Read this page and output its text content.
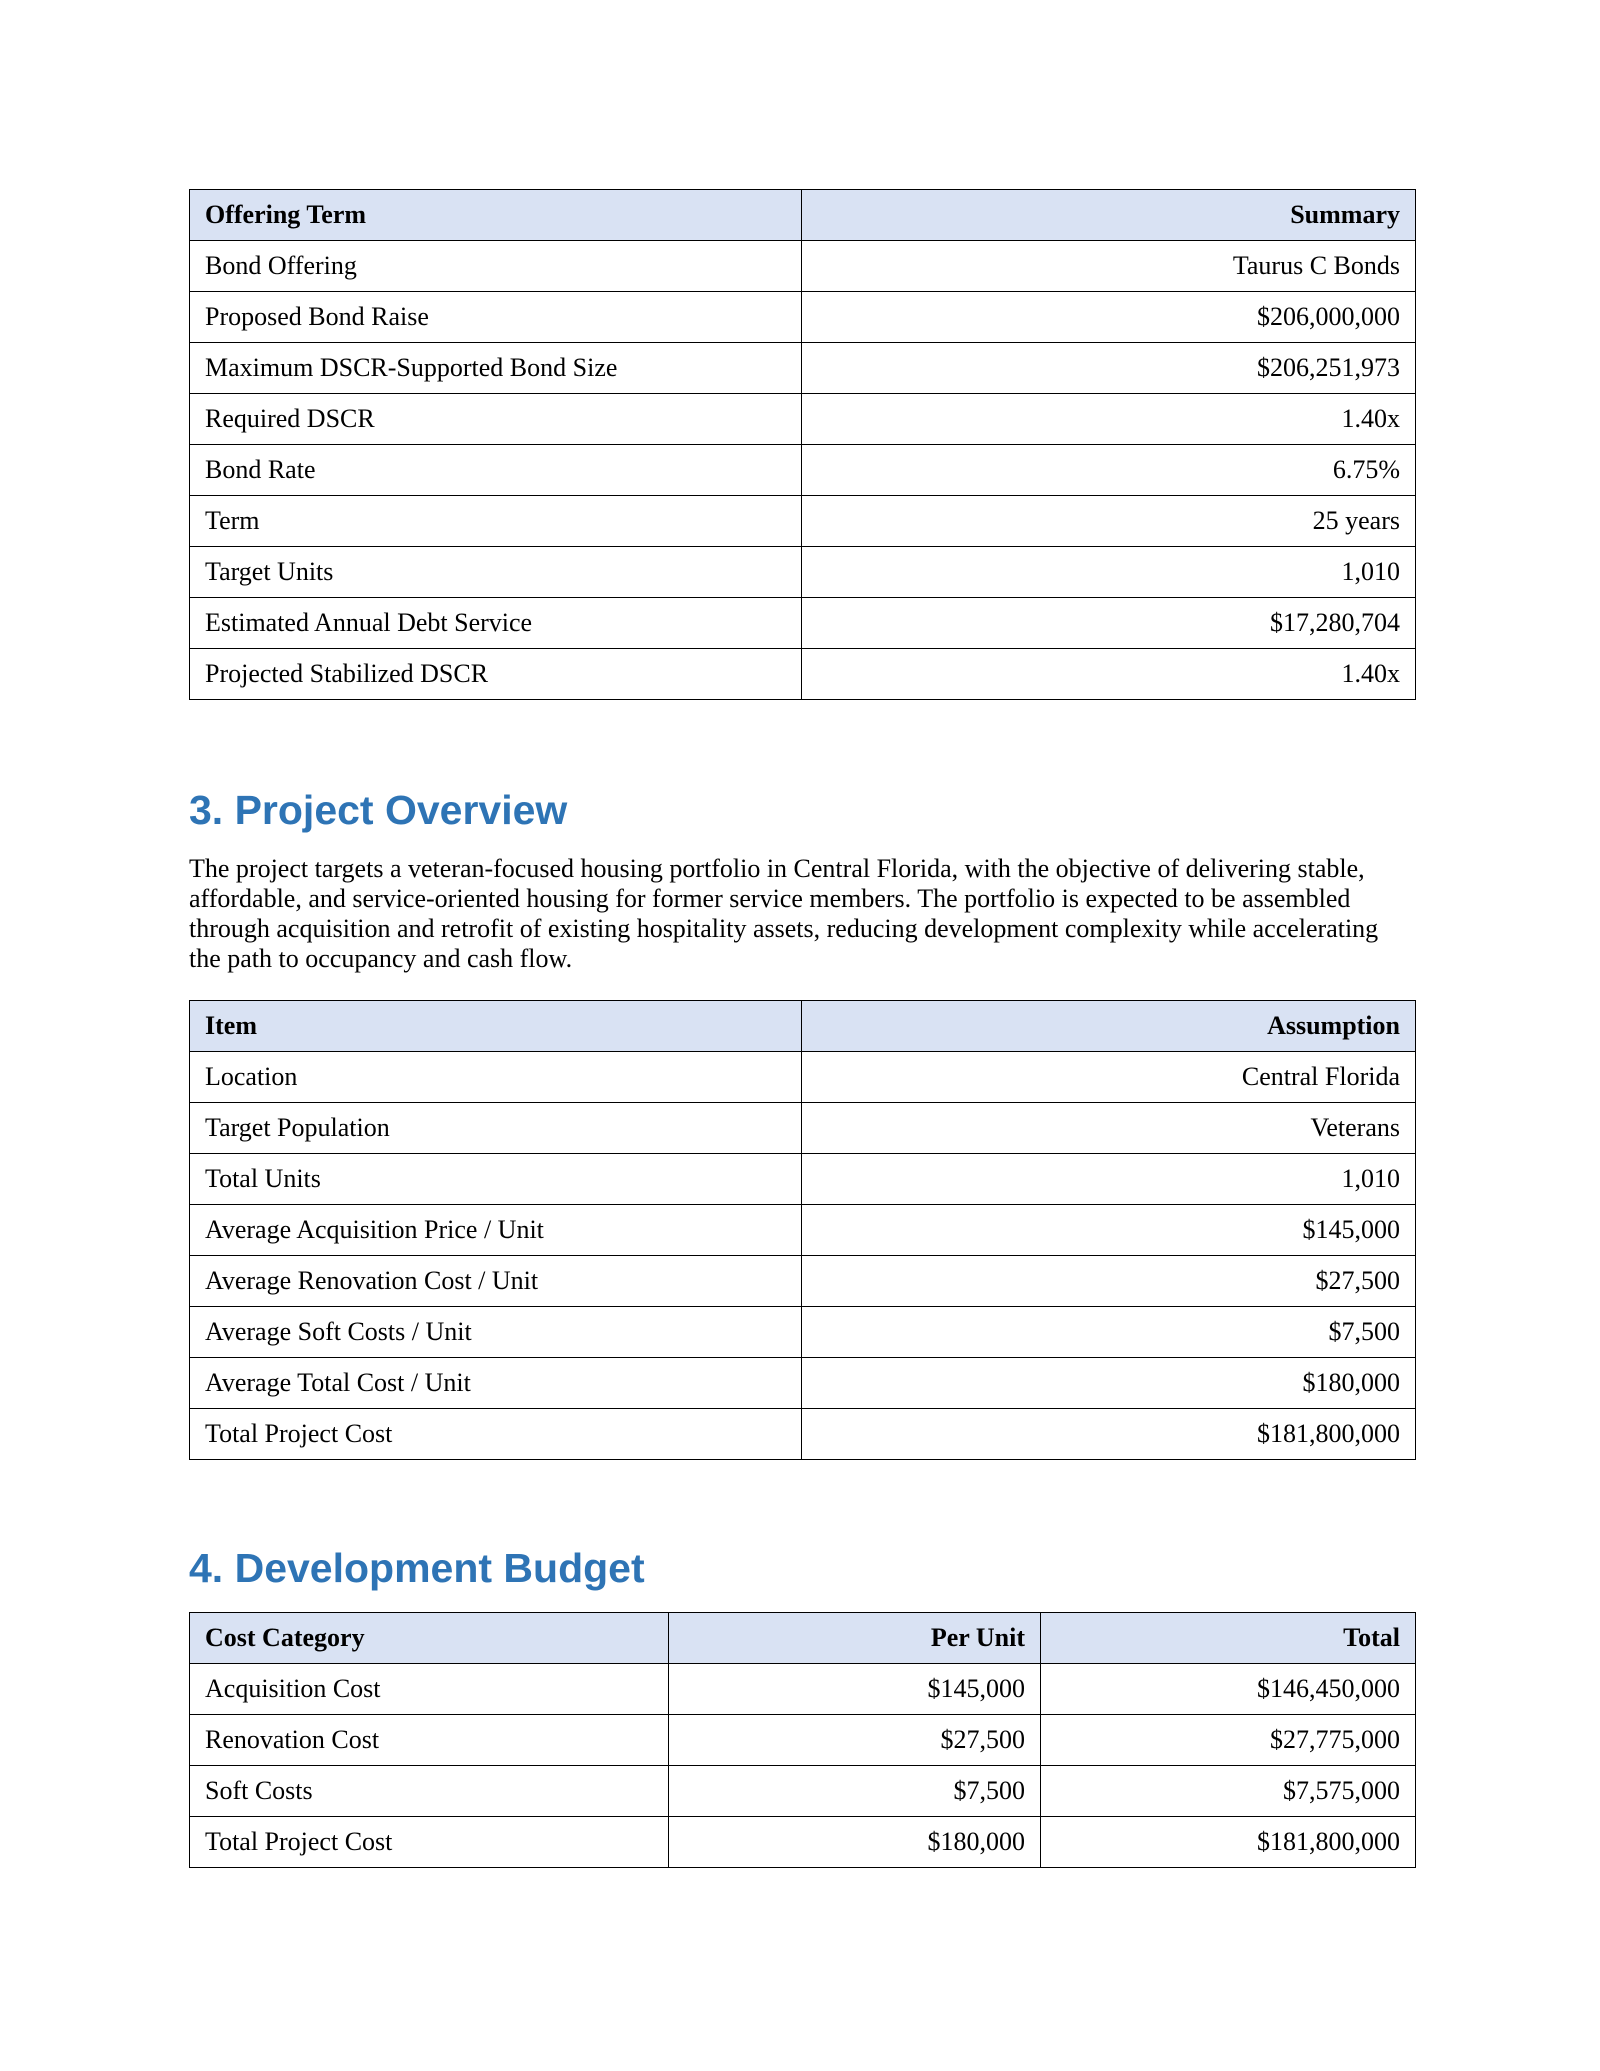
Offering Term	Summary
Bond Offering	Taurus C Bonds
Proposed Bond Raise	$206,000,000
Maximum DSCR-Supported Bond Size	$206,251,973
Required DSCR	1.40x
Bond Rate	6.75%
Term	25 years
Target Units	1,010
Estimated Annual Debt Service	$17,280,704
Projected Stabilized DSCR	1.40x
3. Project Overview

The project targets a veteran-focused housing portfolio in Central Florida, with the objective of delivering stable, affordable, and service-oriented housing for former service members. The portfolio is expected to be assembled through acquisition and retrofit of existing hospitality assets, reducing development complexity while accelerating the path to occupancy and cash flow.

Item	Assumption
Location	Central Florida
Target Population	Veterans
Total Units	1,010
Average Acquisition Price / Unit	$145,000
Average Renovation Cost / Unit	$27,500
Average Soft Costs / Unit	$7,500
Average Total Cost / Unit	$180,000
Total Project Cost	$181,800,000
4. Development Budget
Cost Category	Per Unit	Total
Acquisition Cost	$145,000	$146,450,000
Renovation Cost	$27,500	$27,775,000
Soft Costs	$7,500	$7,575,000
Total Project Cost	$180,000	$181,800,000
